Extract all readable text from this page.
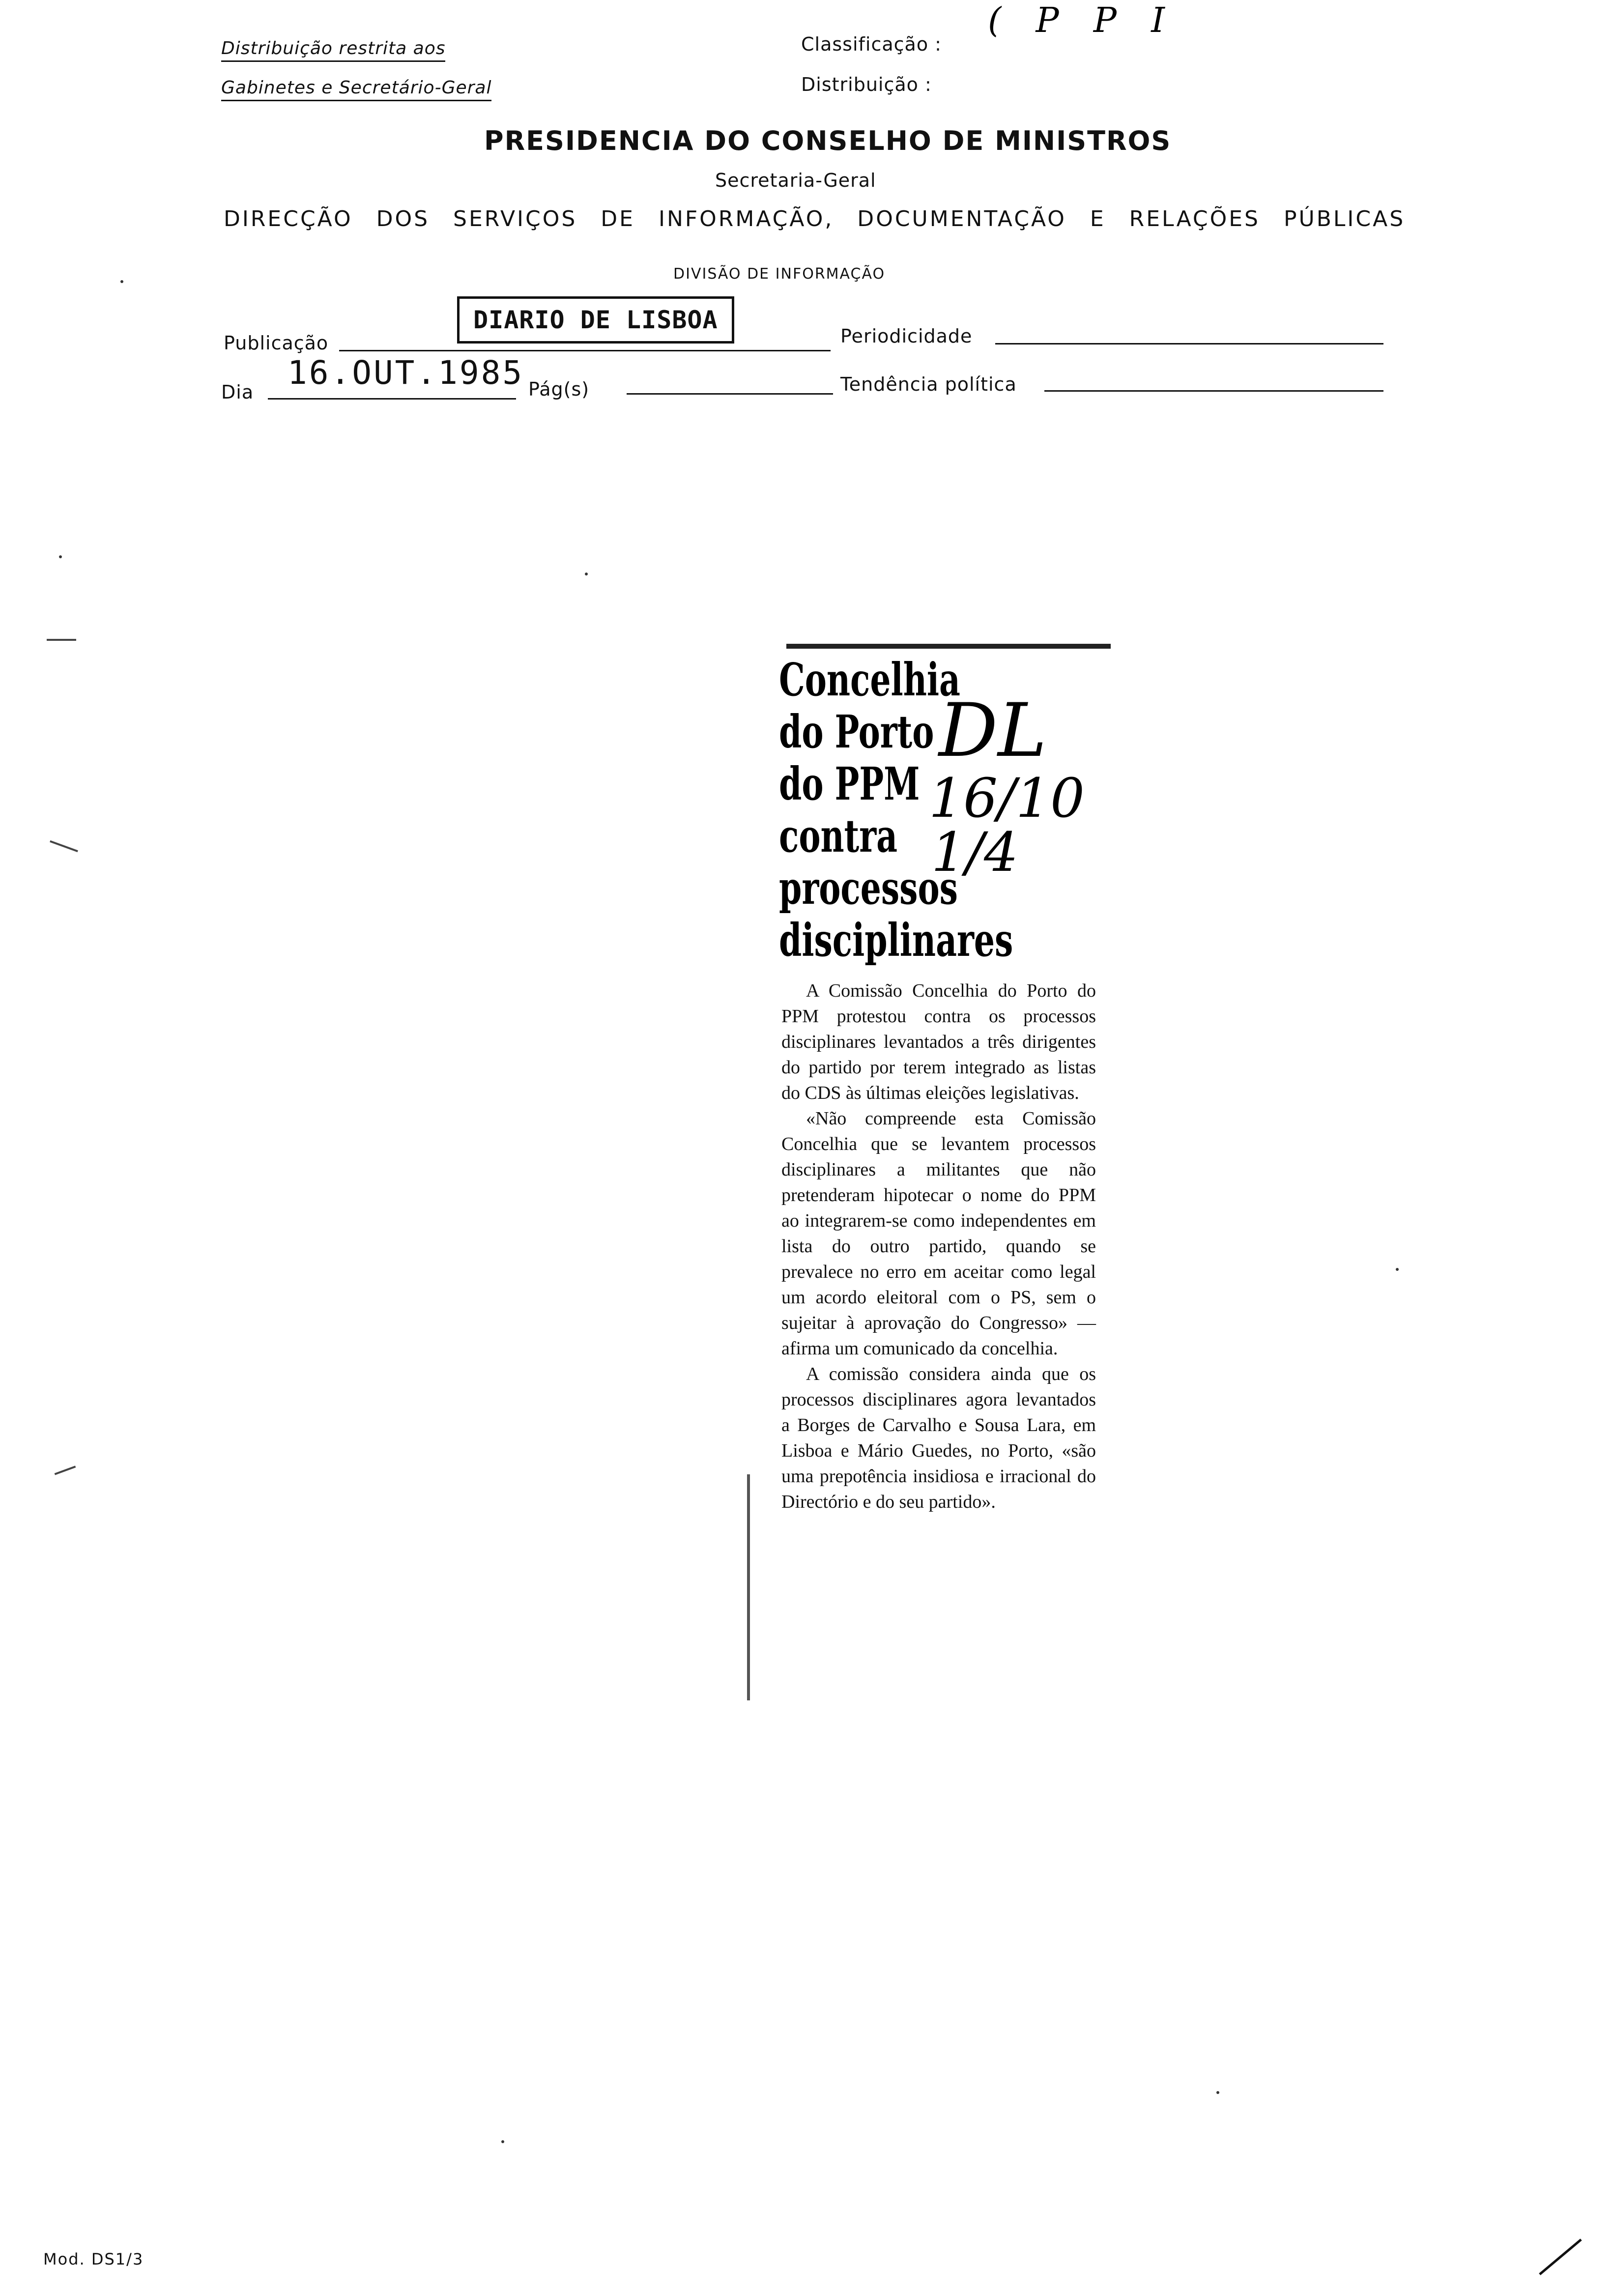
Distribuição restrita aos
Gabinetes e Secretário-Geral
Classificação :
Distribuição :
( P P I
PRESIDENCIA DO CONSELHO DE MINISTROS
Secretaria-Geral
DIRECÇÃO DOS SERVIÇOS DE INFORMAÇÃO, DOCUMENTAÇÃO E RELAÇÕES PÚBLICAS
DIVISÃO DE INFORMAÇÃO
Publicação
DIARIO DE LISBOA
Periodicidade
Dia
16.OUT.1985 Pág(s)	Tendência política
Concelhia
do Porto
do PPM
contra
processos
disciplinares
DL
16/10
1/4

A Comissão Concelhia do Porto do PPM protestou contra os processos disciplinares levantados a três dirigentes do partido por terem integrado as listas do CDS às últimas eleições legislativas.

«Não compreende esta Comissão Concelhia que se levantem processos disciplinares a militantes que não pretenderam hipotecar o nome do PPM ao integrarem-se como independentes em lista do outro partido, quando se prevalece no erro em aceitar como legal um acordo eleitoral com o PS, sem o sujeitar à aprovação do Congresso» — afirma um comunicado da concelhia.

A comissão considera ainda que os processos disciplinares agora levantados a Borges de Carvalho e Sousa Lara, em Lisboa e Mário Guedes, no Porto, «são uma prepotência insidiosa e irracional do Directório e do seu partido».

Mod. DS1/3
